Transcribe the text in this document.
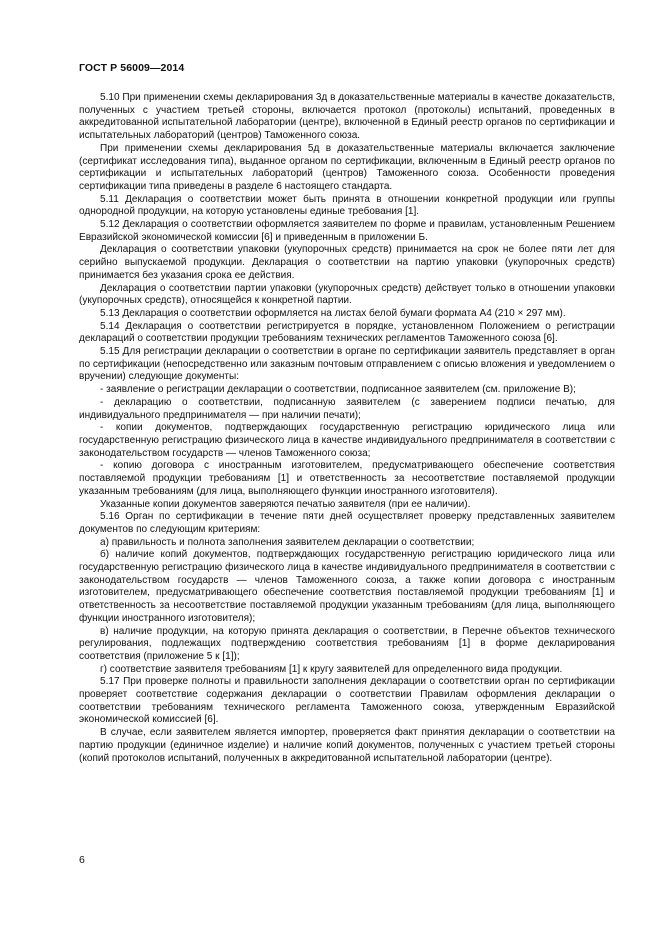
ГОСТ Р 56009—2014

5.10 При применении схемы декларирования 3д в доказательственные материалы в качестве доказательств, полученных с участием третьей стороны, включается протокол (протоколы) испытаний, проведенных в аккредитованной испытательной лаборатории (центре), включенной в Единый реестр органов по сертификации и испытательных лабораторий (центров) Таможенного союза.

При применении схемы декларирования 5д в доказательственные материалы включается заключение (сертификат исследования типа), выданное органом по сертификации, включенным в Единый реестр органов по сертификации и испытательных лабораторий (центров) Таможенного союза. Особенности проведения сертификации типа приведены в разделе 6 настоящего стандарта.

5.11 Декларация о соответствии может быть принята в отношении конкретной продукции или группы однородной продукции, на которую установлены единые требования [1].

5.12 Декларация о соответствии оформляется заявителем по форме и правилам, установленным Решением Евразийской экономической комиссии [6] и приведенным в приложении Б.

Декларация о соответствии упаковки (укупорочных средств) принимается на срок не более пяти лет для серийно выпускаемой продукции. Декларация о соответствии на партию упаковки (укупорочных средств) принимается без указания срока ее действия.

Декларация о соответствии партии упаковки (укупорочных средств) действует только в отношении упаковки (укупорочных средств), относящейся к конкретной партии.

5.13 Декларация о соответствии оформляется на листах белой бумаги формата А4 (210 × 297 мм).

5.14 Декларация о соответствии регистрируется в порядке, установленном Положением о регистрации деклараций о соответствии продукции требованиям технических регламентов Таможенного союза [6].

5.15 Для регистрации декларации о соответствии в органе по сертификации заявитель представляет в орган по сертификации (непосредственно или заказным почтовым отправлением с описью вложения и уведомлением о вручении) следующие документы:

- заявление о регистрации декларации о соответствии, подписанное заявителем (см. приложение В);

- декларацию о соответствии, подписанную заявителем (с заверением подписи печатью, для индивидуального предпринимателя — при наличии печати);

- копии документов, подтверждающих государственную регистрацию юридического лица или государственную регистрацию физического лица в качестве индивидуального предпринимателя в соответствии с законодательством государств — членов Таможенного союза;

- копию договора с иностранным изготовителем, предусматривающего обеспечение соответствия поставляемой продукции требованиям [1] и ответственность за несоответствие поставляемой продукции указанным требованиям (для лица, выполняющего функции иностранного изготовителя).

Указанные копии документов заверяются печатью заявителя (при ее наличии).

5.16 Орган по сертификации в течение пяти дней осуществляет проверку представленных заявителем документов по следующим критериям:

а) правильность и полнота заполнения заявителем декларации о соответствии;

б) наличие копий документов, подтверждающих государственную регистрацию юридического лица или государственную регистрацию физического лица в качестве индивидуального предпринимателя в соответствии с законодательством государств — членов Таможенного союза, а также копии договора с иностранным изготовителем, предусматривающего обеспечение соответствия поставляемой продукции требованиям [1] и ответственность за несоответствие поставляемой продукции указанным требованиям (для лица, выполняющего функции иностранного изготовителя);

в) наличие продукции, на которую принята декларация о соответствии, в Перечне объектов технического регулирования, подлежащих подтверждению соответствия требованиям [1] в форме декларирования соответствия (приложение 5 к [1]);

г) соответствие заявителя требованиям [1] к кругу заявителей для определенного вида продукции.

5.17 При проверке полноты и правильности заполнения декларации о соответствии орган по сертификации проверяет соответствие содержания декларации о соответствии Правилам оформления декларации о соответствии требованиям технического регламента Таможенного союза, утвержденным Евразийской экономической комиссией [6].

В случае, если заявителем является импортер, проверяется факт принятия декларации о соответствии на партию продукции (единичное изделие) и наличие копий документов, полученных с участием третьей стороны (копий протоколов испытаний, полученных в аккредитованной испытательной лаборатории (центре).

6
